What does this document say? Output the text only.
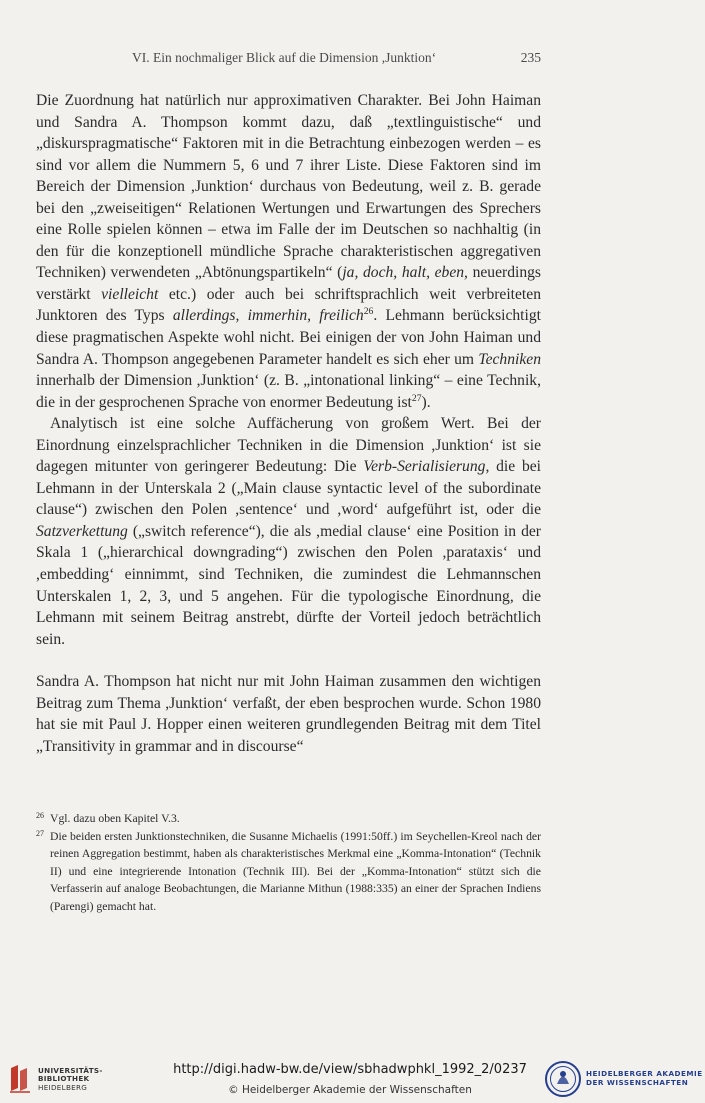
VI. Ein nochmaliger Blick auf die Dimension ,Junktion‘	235

Die Zuordnung hat natürlich nur approximativen Charakter. Bei John Haiman und Sandra A. Thompson kommt dazu, daß „textlinguistische“ und „diskurspragmatische“ Faktoren mit in die Betrachtung einbezogen werden – es sind vor allem die Nummern 5, 6 und 7 ihrer Liste. Diese Faktoren sind im Bereich der Dimension ,Junktion‘ durchaus von Bedeutung, weil z. B. gerade bei den „zweiseitigen“ Relationen Wertungen und Erwartungen des Sprechers eine Rolle spielen können – etwa im Falle der im Deutschen so nachhaltig (in den für die konzeptionell mündliche Sprache charakteristischen aggregativen Techniken) verwendeten „Abtönungspartikeln“ (ja, doch, halt, eben, neuerdings verstärkt vielleicht etc.) oder auch bei schriftsprachlich weit verbreiteten Junktoren des Typs allerdings, immerhin, freilich$^{26}$. Lehmann berücksichtigt diese pragmatischen Aspekte wohl nicht. Bei einigen der von John Haiman und Sandra A. Thompson angegebenen Parameter handelt es sich eher um Techniken innerhalb der Dimension ,Junktion‘ (z. B. „intonational linking“ – eine Technik, die in der gesprochenen Sprache von enormer Bedeutung ist$^{27}$).

Analytisch ist eine solche Auffächerung von großem Wert. Bei der Einordnung einzelsprachlicher Techniken in die Dimension ,Junktion‘ ist sie dagegen mitunter von geringerer Bedeutung: Die Verb-Serialisierung, die bei Lehmann in der Unterskala 2 („Main clause syntactic level of the subordinate clause“) zwischen den Polen ,sentence‘ und ,word‘ aufgeführt ist, oder die Satzverkettung („switch reference“), die als ,medial clause‘ eine Position in der Skala 1 („hierarchical downgrading“) zwischen den Polen ,parataxis‘ und ,embedding‘ einnimmt, sind Techniken, die zumindest die Lehmannschen Unterskalen 1, 2, 3, und 5 angehen. Für die typologische Einordnung, die Lehmann mit seinem Beitrag anstrebt, dürfte der Vorteil jedoch beträchtlich sein.

Sandra A. Thompson hat nicht nur mit John Haiman zusammen den wichtigen Beitrag zum Thema ,Junktion‘ verfaßt, der eben besprochen wurde. Schon 1980 hat sie mit Paul J. Hopper einen weiteren grundlegenden Beitrag mit dem Titel „Transitivity in grammar and in discourse“

26 Vgl. dazu oben Kapitel V.3.
27 Die beiden ersten Junktionstechniken, die Susanne Michaelis (1991:50ff.) im Seychellen-Kreol nach der reinen Aggregation bestimmt, haben als charakteristisches Merkmal eine „Komma-Intonation“ (Technik II) und eine integrierende Intonation (Technik III). Bei der „Komma-Intonation“ stützt sich die Verfasserin auf analoge Beobachtungen, die Marianne Mithun (1988:335) an einer der Sprachen Indiens (Parengi) gemacht hat.
UNIVERSITÄTS-
BIBLIOTHEK
HEIDELBERG
http://digi.hadw-bw.de/view/sbhadwphkl_1992_2/0237
© Heidelberger Akademie der Wissenschaften
HEIDELBERGER AKADEMIE
DER WISSENSCHAFTEN
